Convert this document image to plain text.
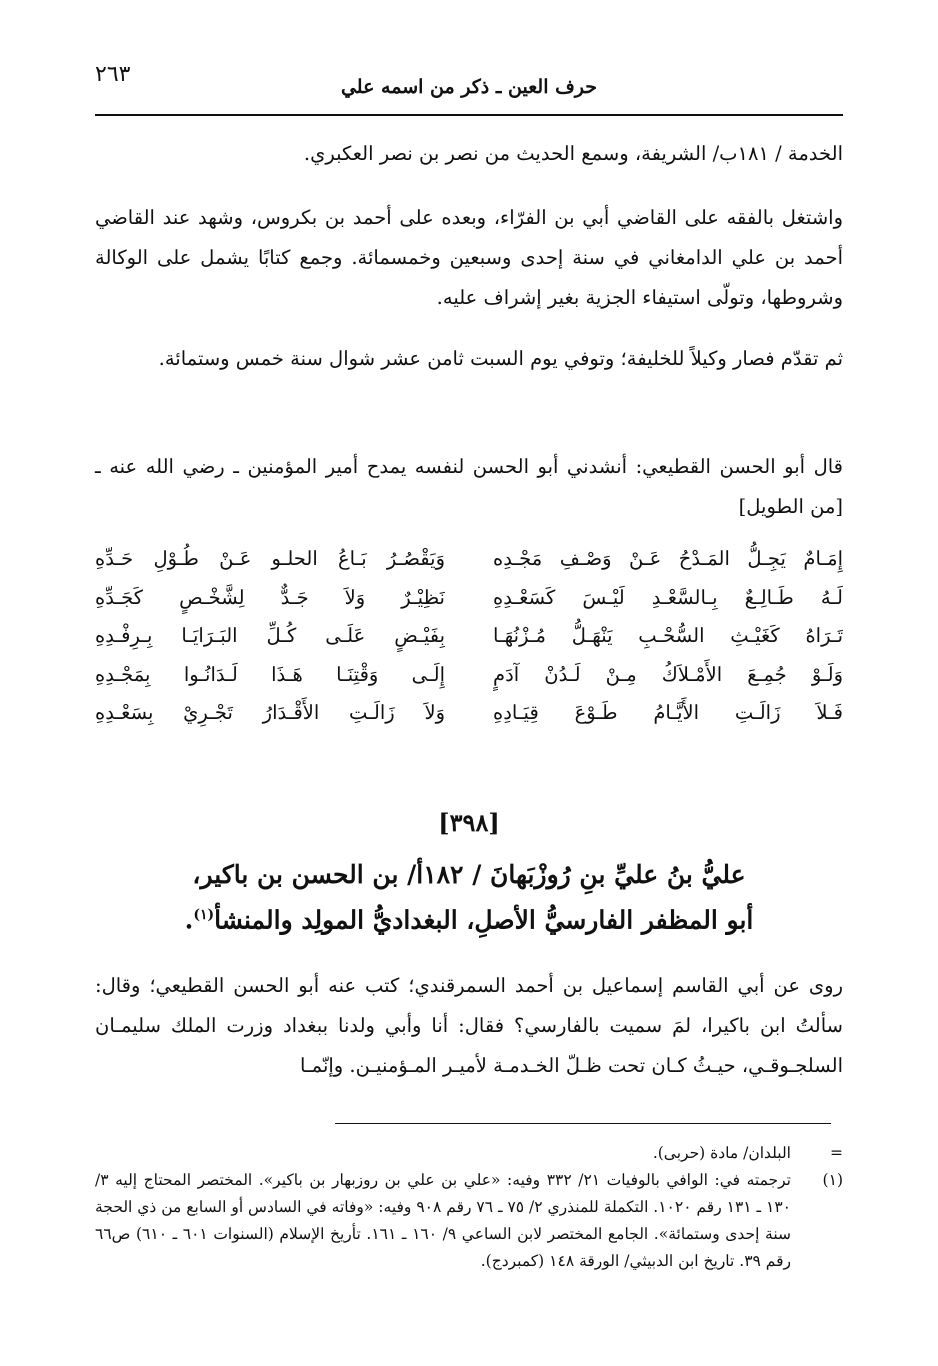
٢٦٣	حرف العين ـ ذكر من اسمه علي

الخدمة / ١٨١ب/ الشريفة، وسمع الحديث من نصر بن نصر العكبري.

واشتغل بالفقه على القاضي أبي بن الفرّاء، وبعده على أحمد بن بكروس، وشهد عند القاضي أحمد بن علي الدامغاني في سنة إحدى وسبعين وخمسمائة. وجمع كتابًا يشمل على الوكالة وشروطها، وتولّى استيفاء الجزية بغير إشراف عليه.

ثم تقدّم فصار وكيلاً للخليفة؛ وتوفي يوم السبت ثامن عشر شوال سنة خمس وستمائة.

قال أبو الحسن القطيعي: أنشدني أبو الحسن لنفسه يمدح أمير المؤمنين ـ رضي الله عنه ـ [من الطويل]

إِمَـامٌ يَجِـلُّ المَـدْحُ عَـنْ وَصْـفِ مَجْـدِه
وَيَقْصُـرُ بَـاعُ الحلـو عَـنْ طُـوْلِ حَـدِّهِ
لَـهُ طَـالِـعٌ بِـالسَّعْـدِ لَيْـسَ كَسَعْـدِهِ
نَظِيْـرٌ وَلاَ جَـدٌّ لِشَّخْـصٍ كَجَـدِّهِ
تَـرَاهُ كَغَيْـثِ السُّحْـبِ يَنْهَـلُّ مُـزْنُهَـا
بِفَيْـضٍ عَلَـى كُـلِّ البَـرَايَـا بِـرِفْـدِهِ
وَلَـوْ جُمِـعَ الأَمْـلاَكُ مِـنْ لَـدُنْ آدَمٍ
إِلَـى وَقْتِنَـا هَـذَا لَـدَانُـوا بِمَجْـدِهِ
فَـلاَ زَالَـتِ الأَيَّـامُ طَـوْعَ قِيَـادِهِ
وَلاَ زَالَـتِ الأَقْـدَارُ تَجْـرِيْ بِسَعْـدِهِ
[٣٩٨]
عليُّ بنُ عليِّ بنِ رُوزْبَهانَ / ١٨٢أ/ بن الحسن بن باكير،
أبو المظفر الفارسيُّ الأصلِ، البغداديُّ المولِد والمنشأ$^{(١)}$.

روى عن أبي القاسم إسماعيل بن أحمد السمرقندي؛ كتب عنه أبو الحسن القطيعي؛ وقال: سألتُ ابن باكيرا، لمَ سميت بالفارسي؟ فقال: أنا وأبي ولدنا ببغداد وزرت الملك سليمـان السلجـوقـي، حيـثُ كـان تحت ظـلّ الخـدمـة لأميـر المـؤمنيـن. وإنّمـا

=
البلدان/ مادة (حربى).
(١)
ترجمته في: الوافي بالوفيات ٢١/ ٣٣٢ وفيه: «علي بن علي بن روزبهار بن باكير». المختصر المحتاج إليه ٣/ ١٣٠ ـ ١٣١ رقم ١٠٢٠. التكملة للمنذري ٢/ ٧٥ ـ ٧٦ رقم ٩٠٨ وفيه: «وفاته في السادس أو السابع من ذي الحجة سنة إحدى وستمائة». الجامع المختصر لابن الساعي ٩/ ١٦٠ ـ ١٦١. تأريخ الإسلام (السنوات ٦٠١ ـ ٦١٠) ص٦٦ رقم ٣٩. تاريخ ابن الدبيثي/ الورقة ١٤٨ (كمبردج).
